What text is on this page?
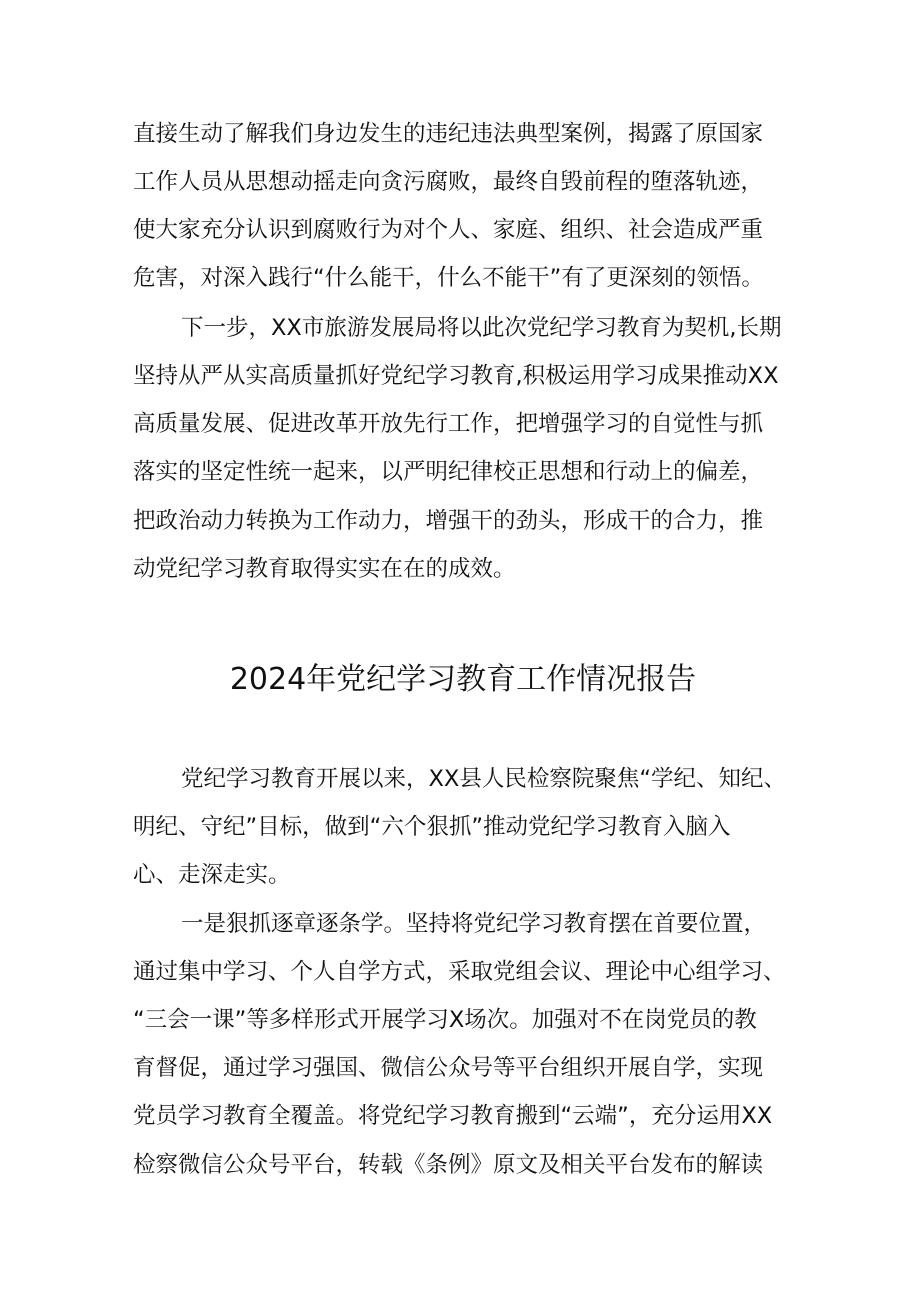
直接生动了解我们身边发生的违纪违法典型案例，揭露了原国家
工作人员从思想动摇走向贪污腐败，最终自毁前程的堕落轨迹，
使大家充分认识到腐败行为对个人、家庭、组织、社会造成严重
危害，对深入践行“什么能干，什么不能干”有了更深刻的领悟。
下一步，XX市旅游发展局将以此次党纪学习教育为契机,长期
坚持从严从实高质量抓好党纪学习教育,积极运用学习成果推动XX
高质量发展、促进改革开放先行工作，把增强学习的自觉性与抓
落实的坚定性统一起来，以严明纪律校正思想和行动上的偏差，
把政治动力转换为工作动力，增强干的劲头，形成干的合力，推
动党纪学习教育取得实实在在的成效。
2024年党纪学习教育工作情况报告
党纪学习教育开展以来，XX县人民检察院聚焦“学纪、知纪、
明纪、守纪”目标，做到“六个狠抓”推动党纪学习教育入脑入
心、走深走实。
一是狠抓逐章逐条学。坚持将党纪学习教育摆在首要位置，
通过集中学习、个人自学方式，采取党组会议、理论中心组学习、
“三会一课”等多样形式开展学习X场次。加强对不在岗党员的教
育督促，通过学习强国、微信公众号等平台组织开展自学，实现
党员学习教育全覆盖。将党纪学习教育搬到“云端”，充分运用XX
检察微信公众号平台，转载《条例》原文及相关平台发布的解读
